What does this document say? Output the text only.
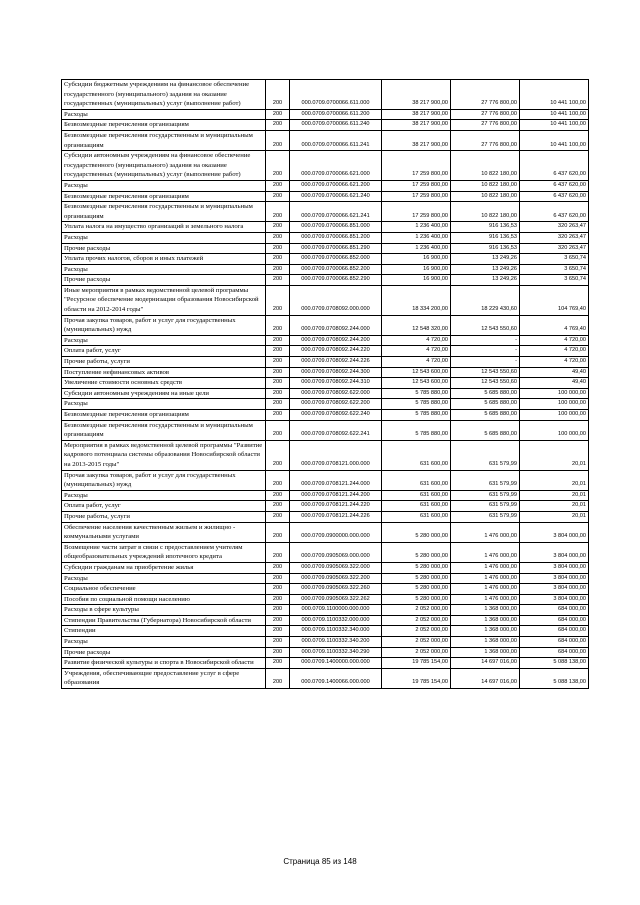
Субсидии бюджетным учреждениям на финансовое обеспечение государственного (муниципального) задания на оказание государственных (муниципальных) услуг (выполнение работ)	200	000.0709.0700066.611.000	38 217 900,00	27 776 800,00	10 441 100,00
Расходы	200	000.0709.0700066.611.200	38 217 900,00	27 776 800,00	10 441 100,00
Безвозмездные перечисления организациям	200	000.0709.0700066.611.240	38 217 900,00	27 776 800,00	10 441 100,00
Безвозмездные перечисления государственным и муниципальным организациям	200	000.0709.0700066.611.241	38 217 900,00	27 776 800,00	10 441 100,00
Субсидии автономным учреждениям на финансовое обеспечение государственного (муниципального) задания на оказание государственных (муниципальных) услуг (выполнение работ)	200	000.0709.0700066.621.000	17 259 800,00	10 822 180,00	6 437 620,00
Расходы	200	000.0709.0700066.621.200	17 259 800,00	10 822 180,00	6 437 620,00
Безвозмездные перечисления организациям	200	000.0709.0700066.621.240	17 259 800,00	10 822 180,00	6 437 620,00
Безвозмездные перечисления государственным и муниципальным организациям	200	000.0709.0700066.621.241	17 259 800,00	10 822 180,00	6 437 620,00
Уплата налога на имущество организаций и земельного налога	200	000.0709.0700066.851.000	1 236 400,00	916 136,53	320 263,47
Расходы	200	000.0709.0700066.851.200	1 236 400,00	916 136,53	320 263,47
Прочие расходы	200	000.0709.0700066.851.290	1 236 400,00	916 136,53	320 263,47
Уплата прочих налогов, сборов и иных платежей	200	000.0709.0700066.852.000	16 900,00	13 249,26	3 650,74
Расходы	200	000.0709.0700066.852.200	16 900,00	13 249,26	3 650,74
Прочие расходы	200	000.0709.0700066.852.290	16 900,00	13 249,26	3 650,74
Иные мероприятия в рамках ведомственной целевой программы "Ресурсное обеспечение модернизации образования Новосибирской области на 2012-2014 годы"	200	000.0709.0708092.000.000	18 334 200,00	18 229 430,60	104 769,40
Прочая закупка товаров, работ и услуг для государственных (муниципальных) нужд	200	000.0709.0708092.244.000	12 548 320,00	12 543 550,60	4 769,40
Расходы	200	000.0709.0708092.244.200	4 720,00	-	4 720,00
Оплата работ, услуг	200	000.0709.0708092.244.220	4 720,00	-	4 720,00
Прочие работы, услуги	200	000.0709.0708092.244.226	4 720,00	-	4 720,00
Поступление нефинансовых активов	200	000.0709.0708092.244.300	12 543 600,00	12 543 550,60	49,40
Увеличение стоимости основных средств	200	000.0709.0708092.244.310	12 543 600,00	12 543 550,60	49,40
Субсидии автономным учреждениям на иные цели	200	000.0709.0708092.622.000	5 785 880,00	5 685 880,00	100 000,00
Расходы	200	000.0709.0708092.622.200	5 785 880,00	5 685 880,00	100 000,00
Безвозмездные перечисления организациям	200	000.0709.0708092.622.240	5 785 880,00	5 685 880,00	100 000,00
Безвозмездные перечисления государственным и муниципальным организациям	200	000.0709.0708092.622.241	5 785 880,00	5 685 880,00	100 000,00
Мероприятия в рамках ведомственной целевой программы "Развитие кадрового потенциала системы образования Новосибирской области на 2013-2015 годы"	200	000.0709.0708121.000.000	631 600,00	631 579,99	20,01
Прочая закупка товаров, работ и услуг для государственных (муниципальных) нужд	200	000.0709.0708121.244.000	631 600,00	631 579,99	20,01
Расходы	200	000.0709.0708121.244.200	631 600,00	631 579,99	20,01
Оплата работ, услуг	200	000.0709.0708121.244.220	631 600,00	631 579,99	20,01
Прочие работы, услуги	200	000.0709.0708121.244.226	631 600,00	631 579,99	20,01
Обеспечение населения качественным жильем и жилищно - коммунальными услугами	200	000.0709.0900000.000.000	5 280 000,00	1 476 000,00	3 804 000,00
Возмещение части затрат в связи с предоставлением учителям общеобразовательных учреждений ипотечного кредита	200	000.0709.0905069.000.000	5 280 000,00	1 476 000,00	3 804 000,00
Субсидии гражданам на приобретение жилья	200	000.0709.0905069.322.000	5 280 000,00	1 476 000,00	3 804 000,00
Расходы	200	000.0709.0905069.322.200	5 280 000,00	1 476 000,00	3 804 000,00
Социальное обеспечение	200	000.0709.0905069.322.260	5 280 000,00	1 476 000,00	3 804 000,00
Пособия по социальной помощи населению	200	000.0709.0905069.322.262	5 280 000,00	1 476 000,00	3 804 000,00
Расходы в сфере культуры	200	000.0709.1100000.000.000	2 052 000,00	1 368 000,00	684 000,00
Стипендии Правительства (Губернатора) Новосибирской области	200	000.0709.1100332.000.000	2 052 000,00	1 368 000,00	684 000,00
Стипендии	200	000.0709.1100332.340.000	2 052 000,00	1 368 000,00	684 000,00
Расходы	200	000.0709.1100332.340.200	2 052 000,00	1 368 000,00	684 000,00
Прочие расходы	200	000.0709.1100332.340.290	2 052 000,00	1 368 000,00	684 000,00
Развитие физической культуры и спорта в Новосибирской области	200	000.0709.1400000.000.000	19 785 154,00	14 697 016,00	5 088 138,00
Учреждения, обеспечивающие предоставление услуг в сфере образования	200	000.0709.1400066.000.000	19 785 154,00	14 697 016,00	5 088 138,00
Страница 85 из 148
